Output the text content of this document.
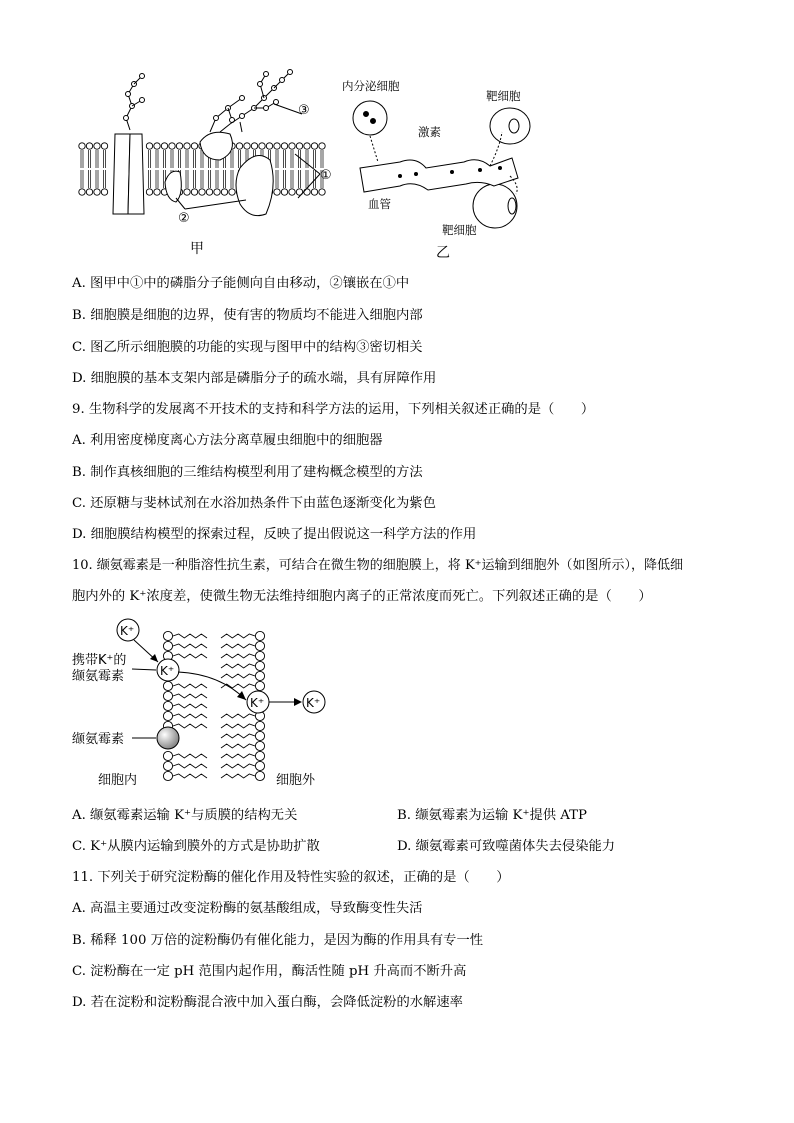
③
①
②
甲
内分泌细胞
靶细胞
激素
血管
靶细胞
乙
A. 图甲中①中的磷脂分子能侧向自由移动，②镶嵌在①中
B. 细胞膜是细胞的边界，使有害的物质均不能进入细胞内部
C. 图乙所示细胞膜的功能的实现与图甲中的结构③密切相关
D. 细胞膜的基本支架内部是磷脂分子的疏水端，具有屏障作用
9. 生物科学的发展离不开技术的支持和科学方法的运用，下列相关叙述正确的是（　　）
A. 利用密度梯度离心方法分离草履虫细胞中的细胞器
B. 制作真核细胞的三维结构模型利用了建构概念模型的方法
C. 还原糖与斐林试剂在水浴加热条件下由蓝色逐渐变化为紫色
D. 细胞膜结构模型的探索过程，反映了提出假说这一科学方法的作用
10. 缬氨霉素是一种脂溶性抗生素，可结合在微生物的细胞膜上，将 K⁺运输到细胞外（如图所示），降低细
胞内外的 K⁺浓度差，使微生物无法维持细胞内离子的正常浓度而死亡。下列叙述正确的是（　　）
K⁺
K⁺
K⁺	K⁺
携带K⁺的
缬氨霉素
缬氨霉素
细胞内	细胞外
A. 缬氨霉素运输 K⁺与质膜的结构无关	B. 缬氨霉素为运输 K⁺提供 ATP
C. K⁺从膜内运输到膜外的方式是协助扩散	D. 缬氨霉素可致噬菌体失去侵染能力
11. 下列关于研究淀粉酶的催化作用及特性实验的叙述，正确的是（　　）
A. 高温主要通过改变淀粉酶的氨基酸组成，导致酶变性失活
B. 稀释 100 万倍的淀粉酶仍有催化能力，是因为酶的作用具有专一性
C. 淀粉酶在一定 pH 范围内起作用，酶活性随 pH 升高而不断升高
D. 若在淀粉和淀粉酶混合液中加入蛋白酶，会降低淀粉的水解速率
